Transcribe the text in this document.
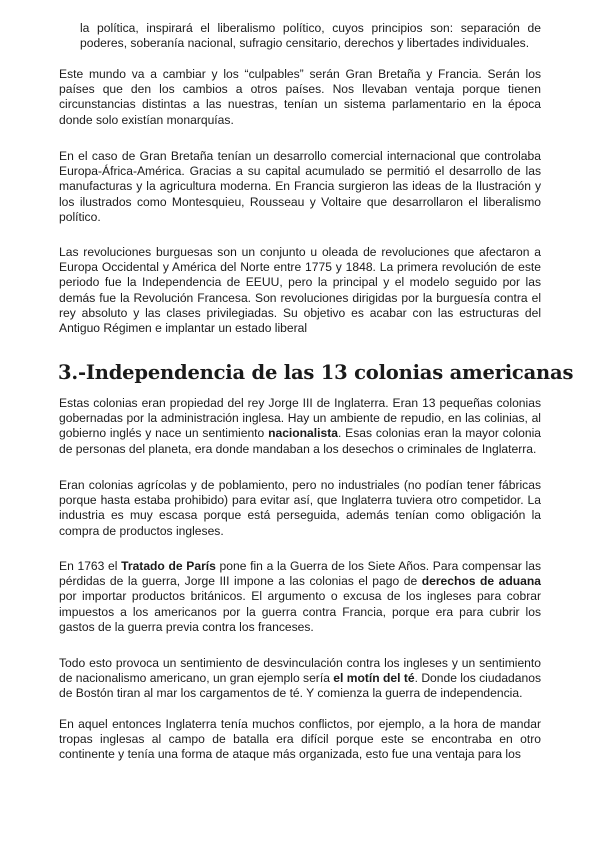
la política, inspirará el liberalismo político, cuyos principios son: separación de poderes, soberanía nacional, sufragio censitario, derechos y libertades individuales.

Este mundo va a cambiar y los “culpables” serán Gran Bretaña y Francia. Serán los países que den los cambios a otros países. Nos llevaban ventaja porque tienen circunstancias distintas a las nuestras, tenían un sistema parlamentario en la época donde solo existían monarquías.

En el caso de Gran Bretaña tenían un desarrollo comercial internacional que controlaba Europa-África-América. Gracias a su capital acumulado se permitió el desarrollo de las manufacturas y la agricultura moderna. En Francia surgieron las ideas de la Ilustración y los ilustrados como Montesquieu, Rousseau y Voltaire que desarrollaron el liberalismo político.

Las revoluciones burguesas son un conjunto u oleada de revoluciones que afectaron a Europa Occidental y América del Norte entre 1775 y 1848. La primera revolución de este periodo fue la Independencia de EEUU, pero la principal y el modelo seguido por las demás fue la Revolución Francesa. Son revoluciones dirigidas por la burguesía contra el rey absoluto y las clases privilegiadas. Su objetivo es acabar con las estructuras del Antiguo Régimen e implantar un estado liberal

3.-Independencia de las 13 colonias americanas

Estas colonias eran propiedad del rey Jorge III de Inglaterra. Eran 13 pequeñas colonias gobernadas por la administración inglesa. Hay un ambiente de repudio, en las colinias, al gobierno inglés y nace un sentimiento nacionalista. Esas colonias eran la mayor colonia de personas del planeta, era donde mandaban a los desechos o criminales de Inglaterra.

Eran colonias agrícolas y de poblamiento, pero no industriales (no podían tener fábricas porque hasta estaba prohibido) para evitar así, que Inglaterra tuviera otro competidor. La industria es muy escasa porque está perseguida, además tenían como obligación la compra de productos ingleses.

En 1763 el Tratado de París pone fin a la Guerra de los Siete Años. Para compensar las pérdidas de la guerra, Jorge III impone a las colonias el pago de derechos de aduana por importar productos británicos. El argumento o excusa de los ingleses para cobrar impuestos a los americanos por la guerra contra Francia, porque era para cubrir los gastos de la guerra previa contra los franceses.

Todo esto provoca un sentimiento de desvinculación contra los ingleses y un sentimiento de nacionalismo americano, un gran ejemplo sería el motín del té. Donde los ciudadanos de Bostón tiran al mar los cargamentos de té. Y comienza la guerra de independencia.

En aquel entonces Inglaterra tenía muchos conflictos, por ejemplo, a la hora de mandar tropas inglesas al campo de batalla era difícil porque este se encontraba en otro continente y tenía una forma de ataque más organizada, esto fue una ventaja para los
